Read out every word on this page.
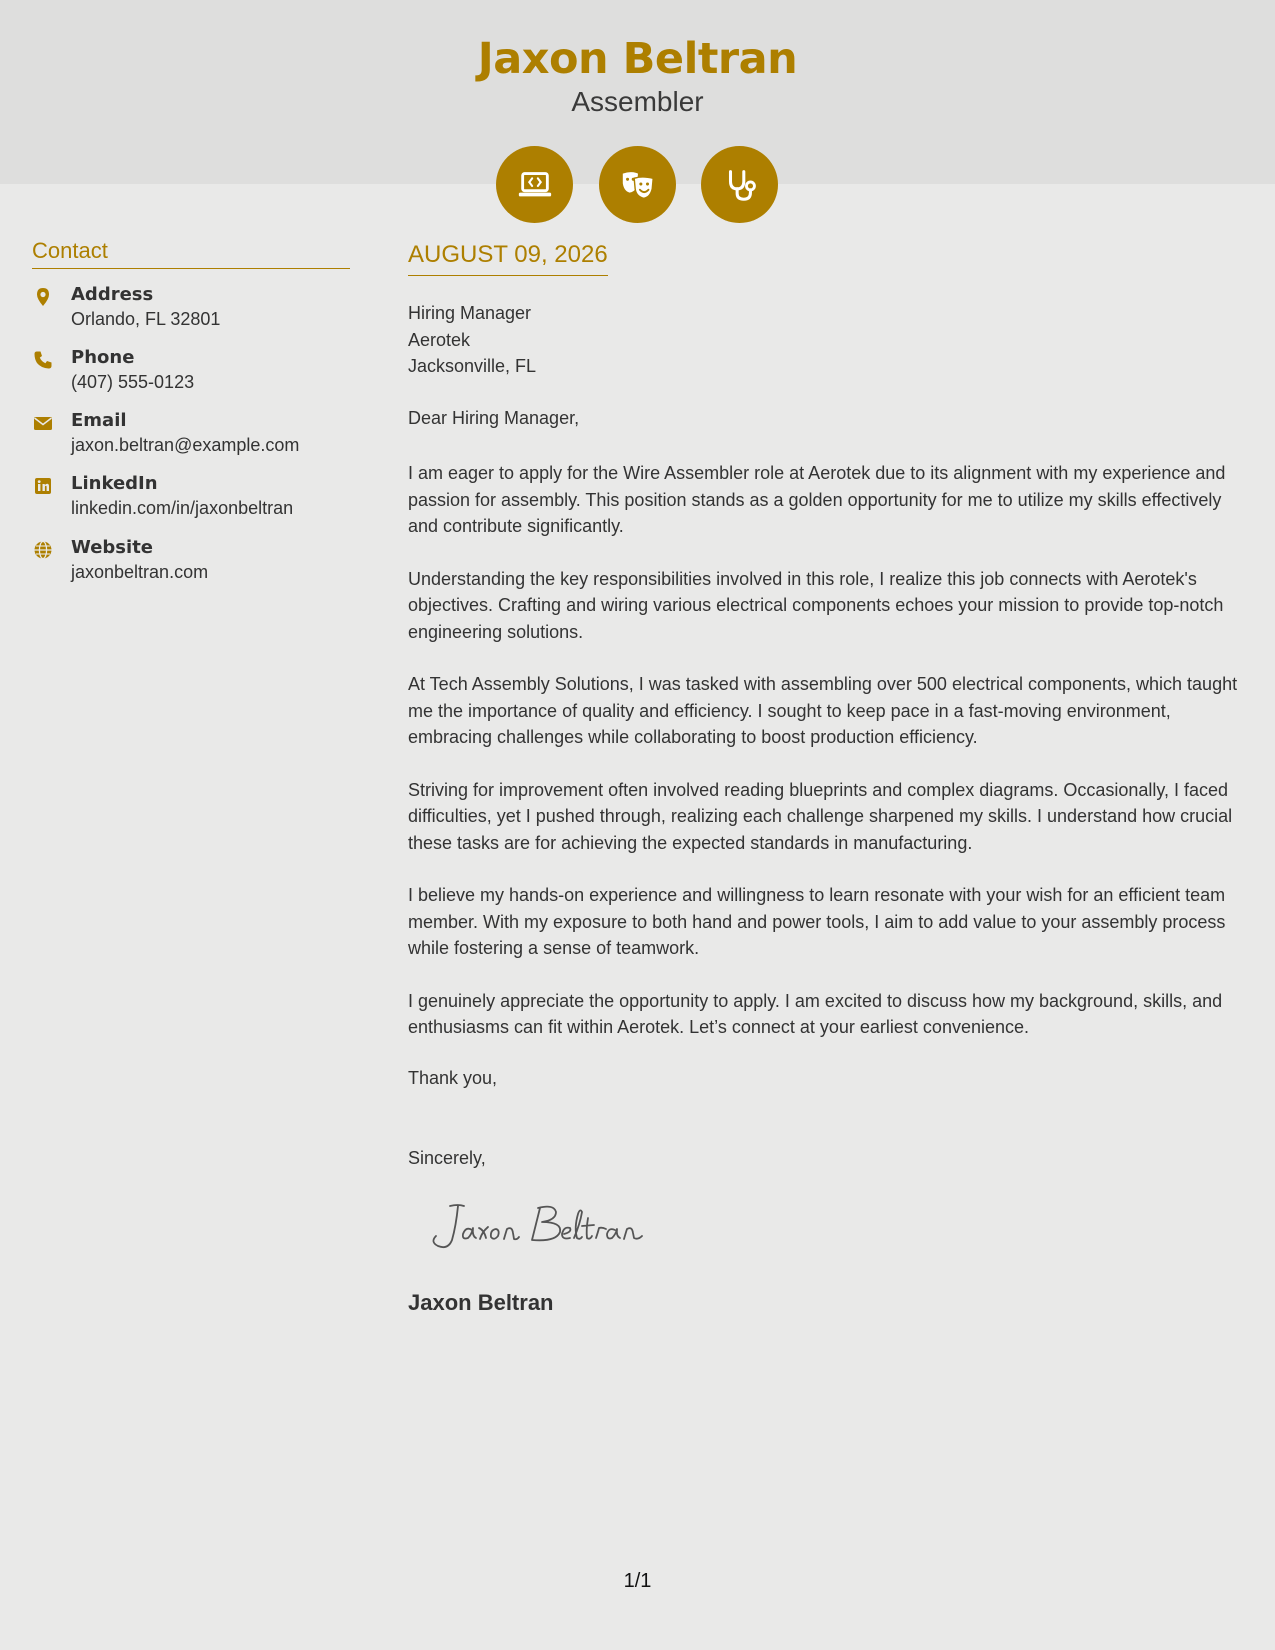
Jaxon Beltran
Assembler
Contact
Address
Orlando, FL 32801
Phone
(407) 555-0123
Email
jaxon.beltran@example.com
LinkedIn
linkedin.com/in/jaxonbeltran
Website
jaxonbeltran.com
AUGUST 09, 2026
Hiring Manager
Aerotek
Jacksonville, FL
Dear Hiring Manager,

I am eager to apply for the Wire Assembler role at Aerotek due to its alignment with my experience and passion for assembly. This position stands as a golden opportunity for me to utilize my skills effectively and contribute significantly.

Understanding the key responsibilities involved in this role, I realize this job connects with Aerotek's objectives. Crafting and wiring various electrical components echoes your mission to provide top-notch engineering solutions.

At Tech Assembly Solutions, I was tasked with assembling over 500 electrical components, which taught me the importance of quality and efficiency. I sought to keep pace in a fast-moving environment, embracing challenges while collaborating to boost production efficiency.

Striving for improvement often involved reading blueprints and complex diagrams. Occasionally, I faced difficulties, yet I pushed through, realizing each challenge sharpened my skills. I understand how crucial these tasks are for achieving the expected standards in manufacturing.

I believe my hands-on experience and willingness to learn resonate with your wish for an efficient team member. With my exposure to both hand and power tools, I aim to add value to your assembly process while fostering a sense of teamwork.

I genuinely appreciate the opportunity to apply. I am excited to discuss how my background, skills, and enthusiasms can fit within Aerotek. Let’s connect at your earliest convenience.

Thank you,
Sincerely,
Jaxon Beltran
1/1
